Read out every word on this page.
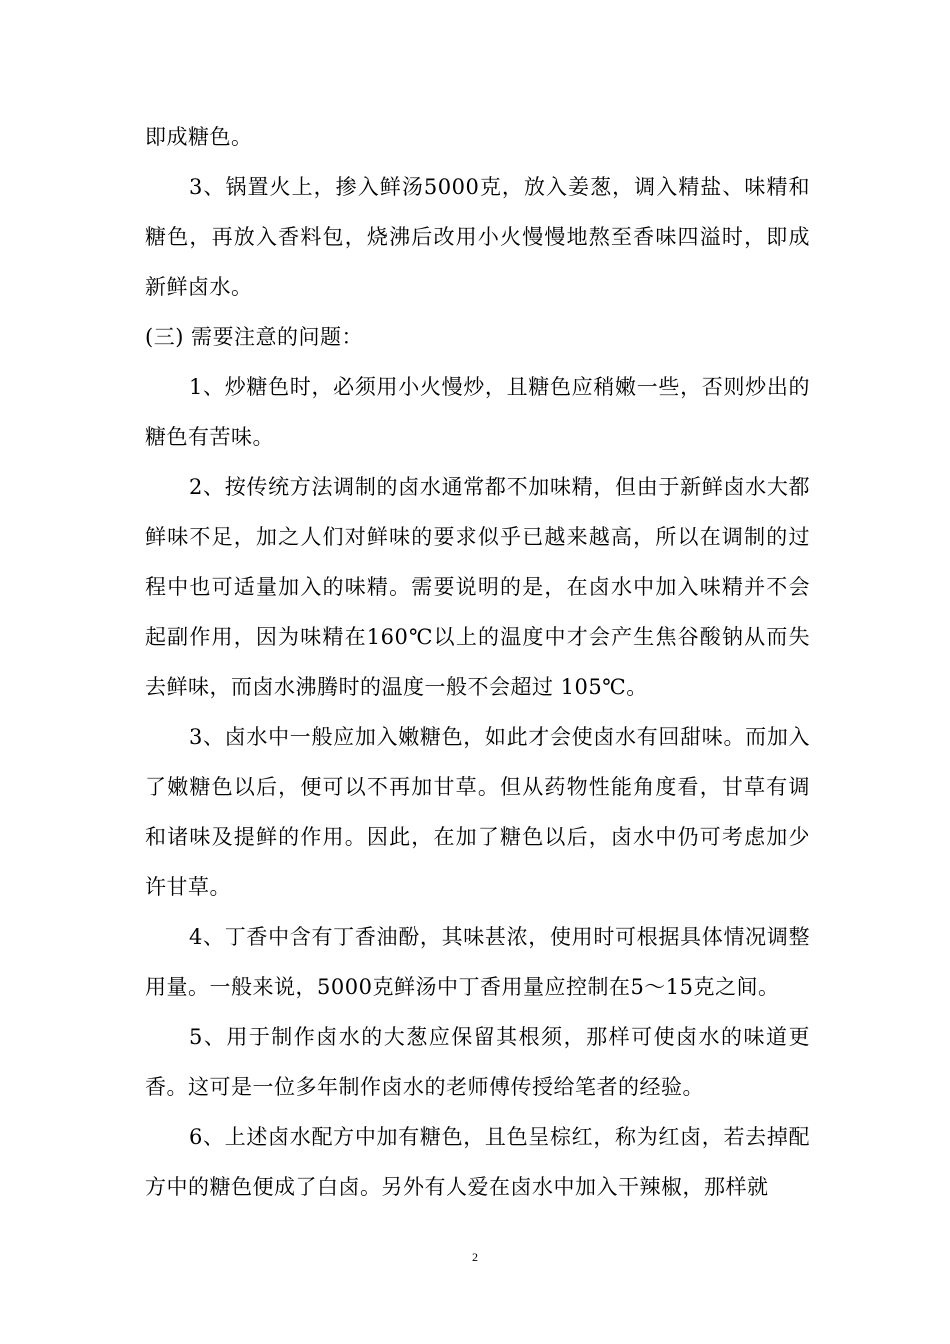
即成糖色。

3、锅置火上，掺入鲜汤5000克，放入姜葱，调入精盐、味精和糖色，再放入香料包，烧沸后改用小火慢慢地熬至香味四溢时，即成新鲜卤水。

(三) 需要注意的问题：

1、炒糖色时，必须用小火慢炒，且糖色应稍嫩一些，否则炒出的糖色有苦味。

2、按传统方法调制的卤水通常都不加味精，但由于新鲜卤水大都鲜味不足，加之人们对鲜味的要求似乎已越来越高，所以在调制的过程中也可适量加入的味精。需要说明的是，在卤水中加入味精并不会起副作用，因为味精在160℃以上的温度中才会产生焦谷酸钠从而失去鲜味，而卤水沸腾时的温度一般不会超过 105℃。

3、卤水中一般应加入嫩糖色，如此才会使卤水有回甜味。而加入了嫩糖色以后，便可以不再加甘草。但从药物性能角度看，甘草有调和诸味及提鲜的作用。因此，在加了糖色以后，卤水中仍可考虑加少许甘草。

4、丁香中含有丁香油酚，其味甚浓，使用时可根据具体情况调整用量。一般来说，5000克鲜汤中丁香用量应控制在5～15克之间。

5、用于制作卤水的大葱应保留其根须，那样可使卤水的味道更香。这可是一位多年制作卤水的老师傅传授给笔者的经验。

6、上述卤水配方中加有糖色，且色呈棕红，称为红卤，若去掉配方中的糖色便成了白卤。另外有人爱在卤水中加入干辣椒，那样就

2
